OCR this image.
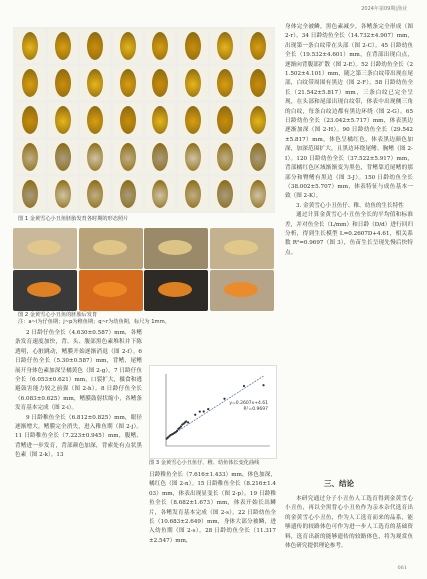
2024年第09期|渔业
图 1 金黄雪心小丑鱼胚胎发育各时期的形态照片
图 2 金黄雪心小丑鱼的胚胎后发育
注：a~i为仔鱼期；j~p为稚鱼期；q~r为幼鱼期，标尺为 1mm。

2 日龄仔鱼全长（4.630±0.587）mm，各鳍条发育速度加快，背、头、腹部黑色素堆积并下陈透明，心脏跳动，鳍膜开始逐渐消退（图 2-f）。6 日龄仔鱼全长（5.30±0.587）mm，背鳍、尾鳍展开身体色素加深呈橘黄色（图 2-g）。7 日龄仔鱼全长（6.053±0.621）mm，口裂扩大，摄食和逃避鼓害能力较之前强（图 2-h）。8 日龄仔鱼全长（6.083±0.625）mm，鳍膜鼓射状缩小，各鳍条发育基本完成（图 2-i）。

9 日龄稚鱼全长（6.812±0.825）mm，眼径逐渐增大，鳍膜完全消失，进入稚鱼期（图 2-j）。11 日龄稚鱼全长（7.223±0.945）mm，腹鳍、背鳍进一步发育，背部颜色加深，背索处有点状黑色素（图 2-k）。13

y=0.2607x+4.61
R²=0.9697
图 3 金黄雪心小丑鱼仔、稚、幼鱼体长变化曲线
日龄稚鱼全长（7.616±1.433）mm，体色加深，橘红色（图 2-n）。15 日龄稚鱼全长（8.216±1.403）mm，体表出现显变长（图 2-p）。19 日龄稚鱼全长（8.682±1.673）mm，体表开始长出鳞片，各鳍发育基本完成（图 2-s）。22 日龄幼鱼全长（10.683±2.649）mm，身体大部分被鳞，进入幼鱼期（图 2-s）。28 日龄幼鱼全长（11.317±2.547）mm，

身体完全被鳞，黑色素减少，各鳍条完全形成（图 2-r）。34 日龄幼鱼全长（14.732±4.907）mm，出现第一条白纹带在头部（图 2-C）。45 日龄幼鱼全长（19.532±4.601）mm，在背部出现白点，逐渐向背腹部扩散（图 2-E）。52 日龄幼鱼全长（21.502±4.101）mm，随之第三条白纹带出现在尾部，白纹带周围有黑边（图 2-F）。58 日龄幼鱼全长（21.542±5.817）mm，三条白纹已完全呈现，在头部和尾部出现白纹带，体表中出现侧三角的白纹，每条白纹边都有黑边环绕（图 2-G）。65 日龄幼鱼全长（23.042±5.717）mm，体表黑边逐渐加深（图 2-H）。90 日龄幼鱼全长（29.542±5.817）mm，体色呈橘红色，体表黑边颜色加深，加深范围扩大，且黑边环绕尾鳍、胸鳍（图 2-I）。120 日龄幼鱼全长（37.522±5.917）mm，背部橘红色区域渐渐变为黑色，背鳍靠近尾鳍的那部分和臀鳍有黑边（图 3-J）。150 日龄幼鱼全长（38.002±5.707）mm，体表特征与成鱼基本一致（图 2-K）。

3. 金黄雪心小丑鱼仔、稚、幼鱼的生长特性

通过计算金黄雪心小丑鱼全长的平均值和标准差，并对鱼全长（L/mm）和日龄（D/d）进行回归分析，得到生长模型 L=0.2607D+4.61，相关系数 R²=0.9697（图 3），鱼苗生长呈现先慢后快特点。

三、结论
本研究通过分子小丑鱼人工选育得到金黄雪心小丑鱼，再以全黑背心小丑鱼作为亲本杂代选育出的金黄雪心小丑鱼，作为人工选育而来的品系，能够遗传的较路体色可作为进一步人工选育的基础资料，选育出新的能够遗传的较路体色，将为观赏鱼体色研究提供理论参考。
061
